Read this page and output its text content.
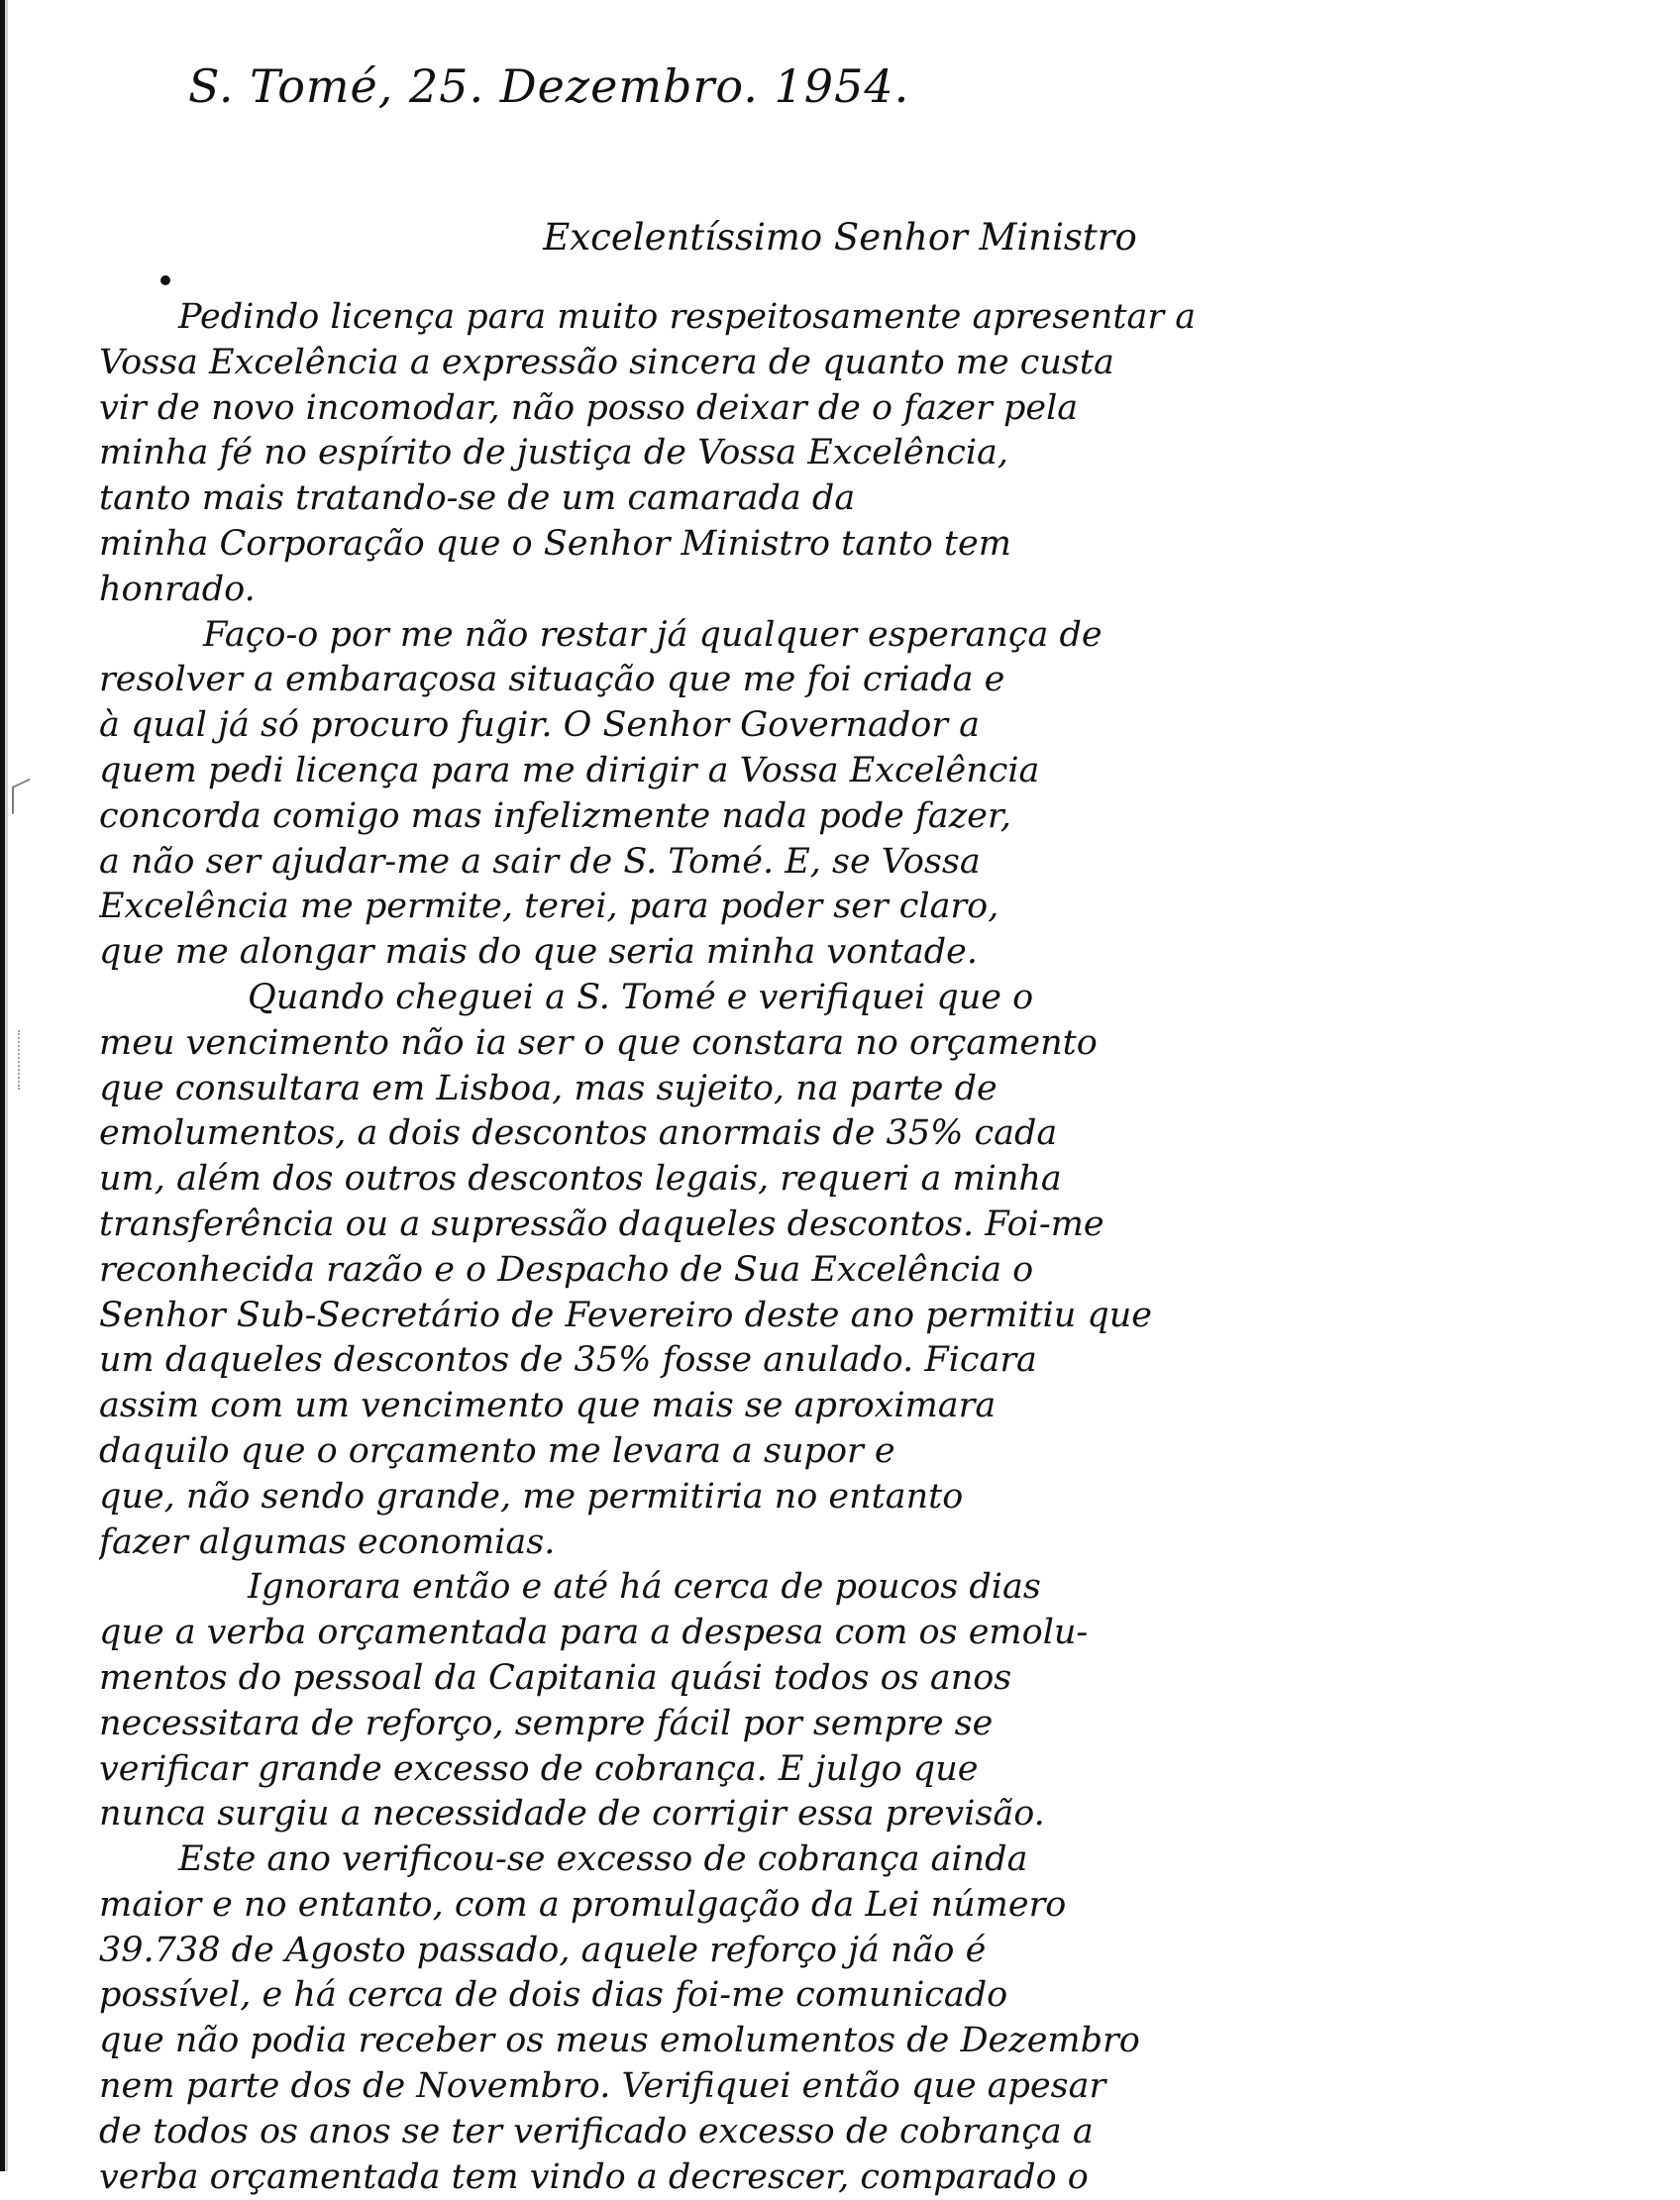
S. Tomé, 25. Dezembro. 1954.
Excelentíssimo Senhor Ministro
Pedindo licença para muito respeitosamente apresentar a
Vossa Excelência a expressão sincera de quanto me custa
vir de novo incomodar, não posso deixar de o fazer pela
minha fé no espírito de justiça de Vossa Excelência,
tanto mais tratando-se de um camarada da
minha Corporação que o Senhor Ministro tanto tem
honrado.
Faço-o por me não restar já qualquer esperança de
resolver a embaraçosa situação que me foi criada e
à qual já só procuro fugir. O Senhor Governador a
quem pedi licença para me dirigir a Vossa Excelência
concorda comigo mas infelizmente nada pode fazer,
a não ser ajudar-me a sair de S. Tomé. E, se Vossa
Excelência me permite, terei, para poder ser claro,
que me alongar mais do que seria minha vontade.
Quando cheguei a S. Tomé e verifiquei que o
meu vencimento não ia ser o que constara no orçamento
que consultara em Lisboa, mas sujeito, na parte de
emolumentos, a dois descontos anormais de 35% cada
um, além dos outros descontos legais, requeri a minha
transferência ou a supressão daqueles descontos. Foi-me
reconhecida razão e o Despacho de Sua Excelência o
Senhor Sub-Secretário de Fevereiro deste ano permitiu que
um daqueles descontos de 35% fosse anulado. Ficara
assim com um vencimento que mais se aproximara
daquilo que o orçamento me levara a supor e
que, não sendo grande, me permitiria no entanto
fazer algumas economias.
Ignorara então e até há cerca de poucos dias
que a verba orçamentada para a despesa com os emolu-
mentos do pessoal da Capitania quási todos os anos
necessitara de reforço, sempre fácil por sempre se
verificar grande excesso de cobrança. E julgo que
nunca surgiu a necessidade de corrigir essa previsão.
Este ano verificou-se excesso de cobrança ainda
maior e no entanto, com a promulgação da Lei número
39.738 de Agosto passado, aquele reforço já não é
possível, e há cerca de dois dias foi-me comunicado
que não podia receber os meus emolumentos de Dezembro
nem parte dos de Novembro. Verifiquei então que apesar
de todos os anos se ter verificado excesso de cobrança a
verba orçamentada tem vindo a decrescer, comparado o
